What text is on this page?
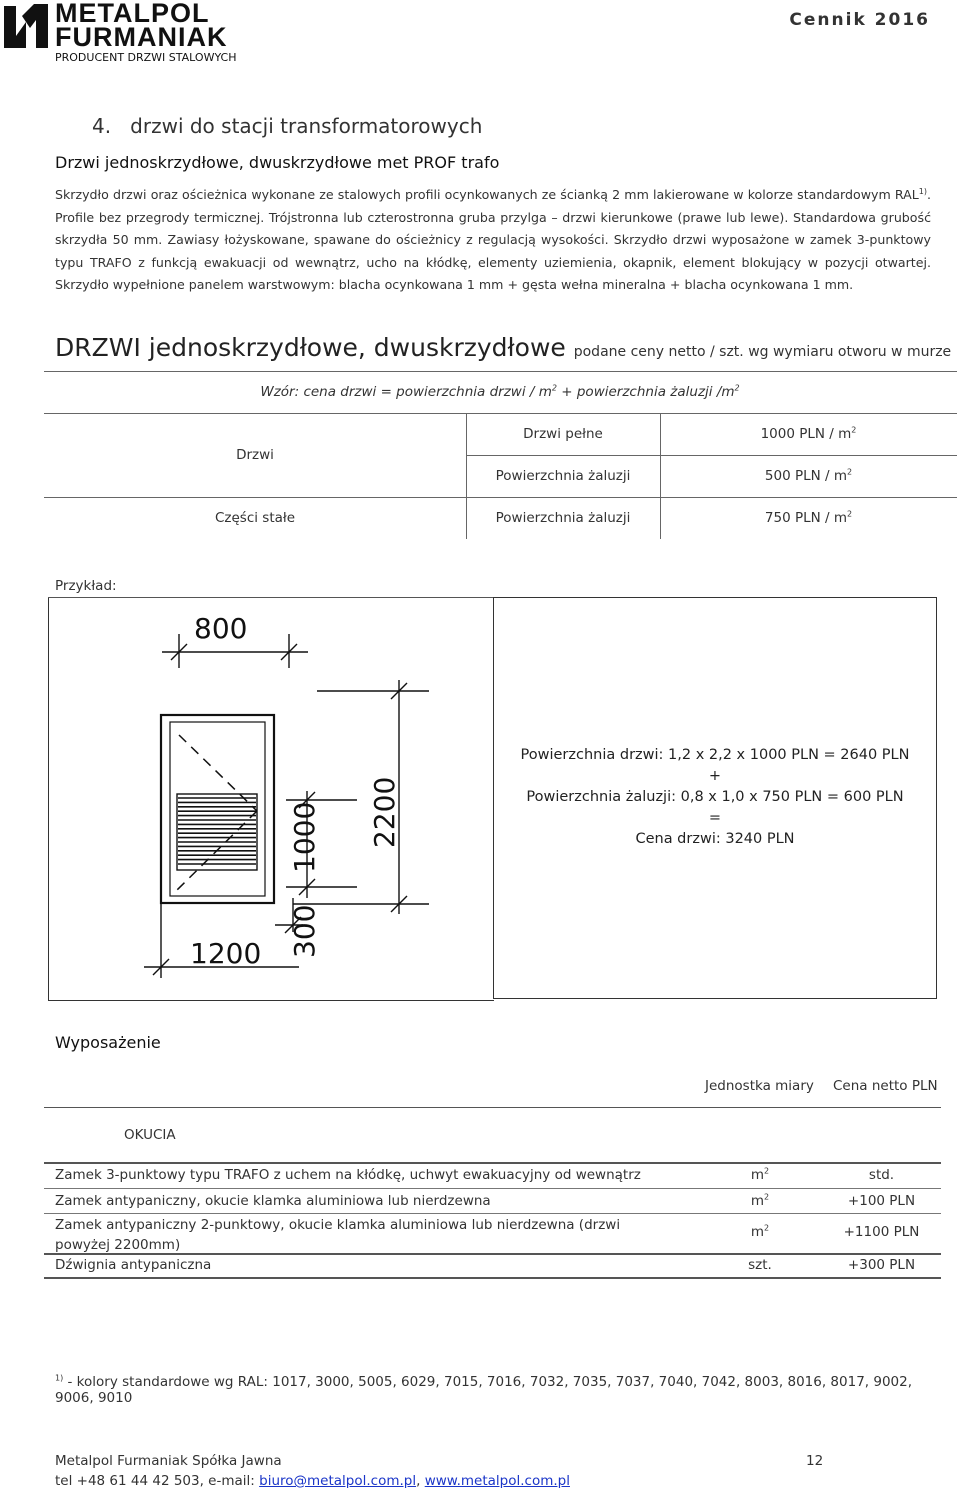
METALPOL
FURMANIAK
PRODUCENT DRZWI STALOWYCH
Cennik 2016
4. drzwi do stacji transformatorowych
Drzwi jednoskrzydłowe, dwuskrzydłowe met PROF trafo
Skrzydło drzwi oraz ościeżnica wykonane ze stalowych profili ocynkowanych ze ścianką 2 mm lakierowane w kolorze standardowym RAL$^{1)}$. Profile bez przegrody termicznej. Trójstronna lub czterostronna gruba przylga – drzwi kierunkowe (prawe lub lewe). Standardowa grubość skrzydła 50 mm. Zawiasy łożyskowane, spawane do ościeżnicy z regulacją wysokości. Skrzydło drzwi wyposażone w zamek 3-punktowy typu TRAFO z funkcją ewakuacji od wewnątrz, ucho na kłódkę, elementy uziemienia, okapnik, element blokujący w pozycji otwartej. Skrzydło wypełnione panelem warstwowym: blacha ocynkowana 1 mm + gęsta wełna mineralna + blacha ocynkowana 1 mm.
DRZWI jednoskrzydłowe, dwuskrzydłowe podane ceny netto / szt. wg wymiaru otworu w murze
Wzór: cena drzwi = powierzchnia drzwi / $m^2$ + powierzchnia żaluzji $/m^2$
Drzwi
Drzwi pełne	1000 PLN / $m^2$
Powierzchnia żaluzji	500 PLN / $m^2$
Części stałe	Powierzchnia żaluzji	750 PLN / $m^2$
Przykład:
800
1200
2200
1000
300
Powierzchnia drzwi: 1,2 x 2,2 x 1000 PLN = 2640 PLN
+
Powierzchnia żaluzji: 0,8 x 1,0 x 750 PLN = 600 PLN
=
Cena drzwi: 3240 PLN
Wyposażenie
Jednostka miary Cena netto PLN
OKUCIA
Zamek 3-punktowy typu TRAFO z uchem na kłódkę, uchwyt ewakuacyjny od wewnątrz	$m^2$	std.
Zamek antypaniczny, okucie klamka aluminiowa lub nierdzewna	$m^2$	+100 PLN
Zamek antypaniczny 2-punktowy, okucie klamka aluminiowa lub nierdzewna (drzwi powyżej 2200mm)
$m^2$	+1100 PLN
Dźwignia antypaniczna	szt.	+300 PLN
$^{1)}$ - kolory standardowe wg RAL: 1017, 3000, 5005, 6029, 7015, 7016, 7032, 7035, 7037, 7040, 7042, 8003, 8016, 8017, 9002, 9006, 9010
Metalpol Furmaniak Spółka Jawna	12
tel +48 61 44 42 503, e-mail: biuro@metalpol.com.pl, www.metalpol.com.pl
